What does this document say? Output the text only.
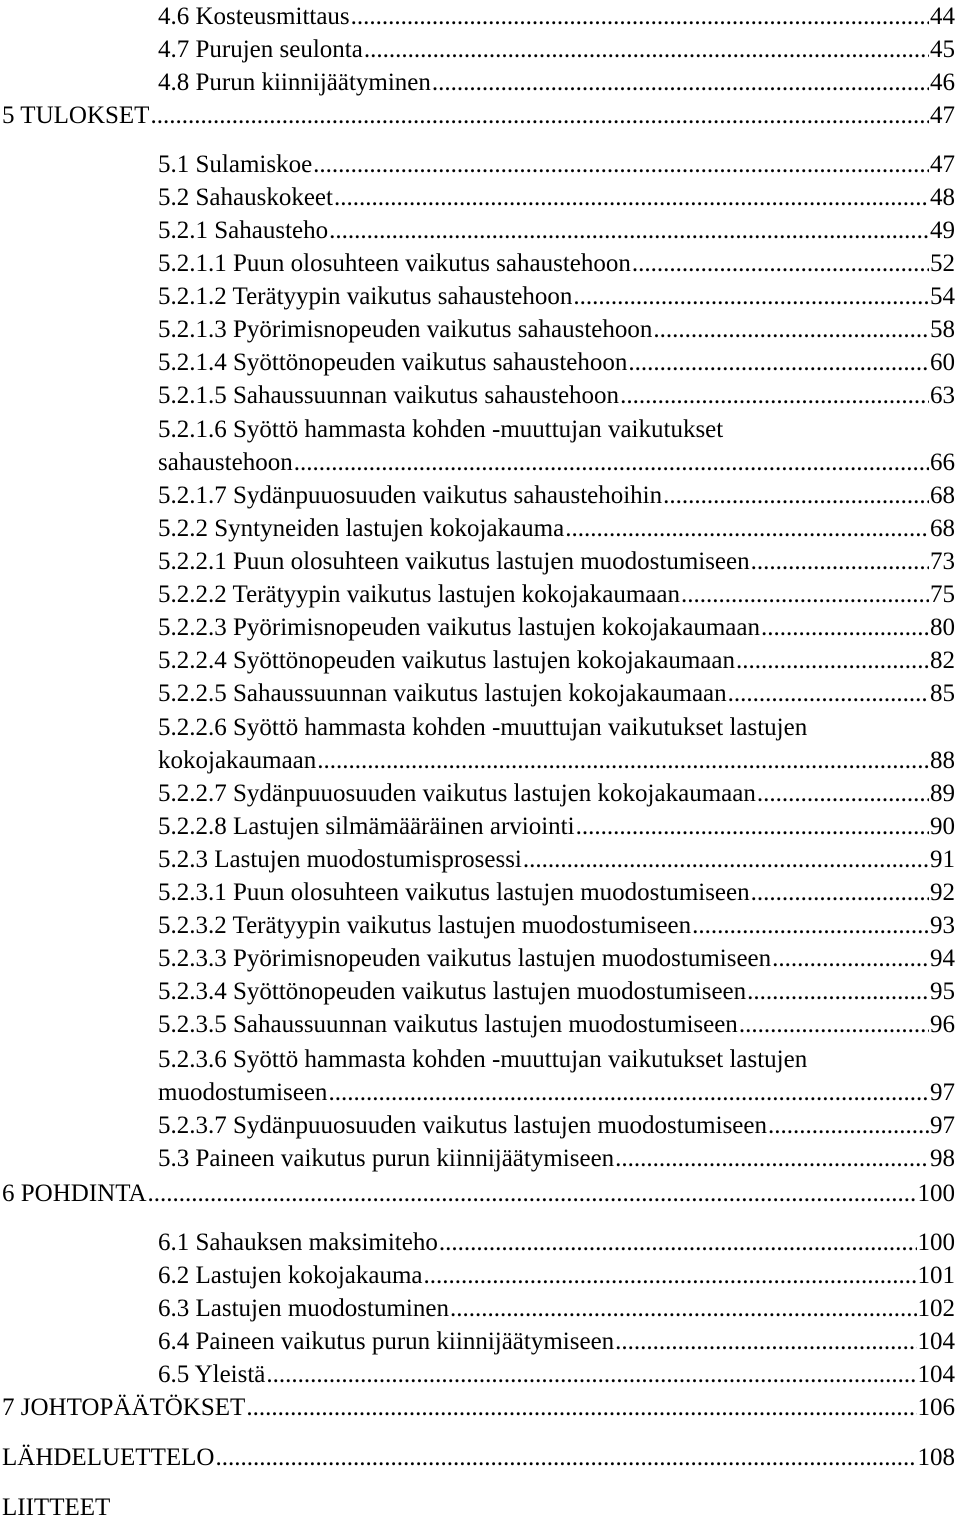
4.6 Kosteusmittaus .....	44
4.7 Purujen seulonta .....	45
4.8 Purun kiinnijäätyminen .....	46
5 TULOKSET .....	47
5.1 Sulamiskoe .....	47
5.2 Sahauskokeet .....	48
5.2.1 Sahausteho .....	49
5.2.1.1 Puun olosuhteen vaikutus sahaustehoon .....	52
5.2.1.2 Terätyypin vaikutus sahaustehoon .....	54
5.2.1.3 Pyörimisnopeuden vaikutus sahaustehoon .....	58
5.2.1.4 Syöttönopeuden vaikutus sahaustehoon .....	60
5.2.1.5 Sahaussuunnan vaikutus sahaustehoon .....	63
5.2.1.6 Syöttö hammasta kohden -muuttujan vaikutukset
sahaustehoon .....	66
5.2.1.7 Sydänpuuosuuden vaikutus sahaustehoihin .....	68
5.2.2 Syntyneiden lastujen kokojakauma .....	68
5.2.2.1 Puun olosuhteen vaikutus lastujen muodostumiseen .....	73
5.2.2.2 Terätyypin vaikutus lastujen kokojakaumaan .....	75
5.2.2.3 Pyörimisnopeuden vaikutus lastujen kokojakaumaan .....	80
5.2.2.4 Syöttönopeuden vaikutus lastujen kokojakaumaan .....	82
5.2.2.5 Sahaussuunnan vaikutus lastujen kokojakaumaan .....	85
5.2.2.6 Syöttö hammasta kohden -muuttujan vaikutukset lastujen
kokojakaumaan .....	88
5.2.2.7 Sydänpuuosuuden vaikutus lastujen kokojakaumaan .....	89
5.2.2.8 Lastujen silmämääräinen arviointi .....	90
5.2.3 Lastujen muodostumisprosessi .....	91
5.2.3.1 Puun olosuhteen vaikutus lastujen muodostumiseen .....	92
5.2.3.2 Terätyypin vaikutus lastujen muodostumiseen .....	93
5.2.3.3 Pyörimisnopeuden vaikutus lastujen muodostumiseen .....	94
5.2.3.4 Syöttönopeuden vaikutus lastujen muodostumiseen .....	95
5.2.3.5 Sahaussuunnan vaikutus lastujen muodostumiseen .....	96
5.2.3.6 Syöttö hammasta kohden -muuttujan vaikutukset lastujen
muodostumiseen .....	97
5.2.3.7 Sydänpuuosuuden vaikutus lastujen muodostumiseen .....	97
5.3 Paineen vaikutus purun kiinnijäätymiseen .....	98
6 POHDINTA .....	100
6.1 Sahauksen maksimiteho .....	100
6.2 Lastujen kokojakauma .....	101
6.3 Lastujen muodostuminen .....	102
6.4 Paineen vaikutus purun kiinnijäätymiseen .....	104
6.5 Yleistä .....	104
7 JOHTOPÄÄTÖKSET .....	106
LÄHDELUETTELO .....	108
LIITTEET
